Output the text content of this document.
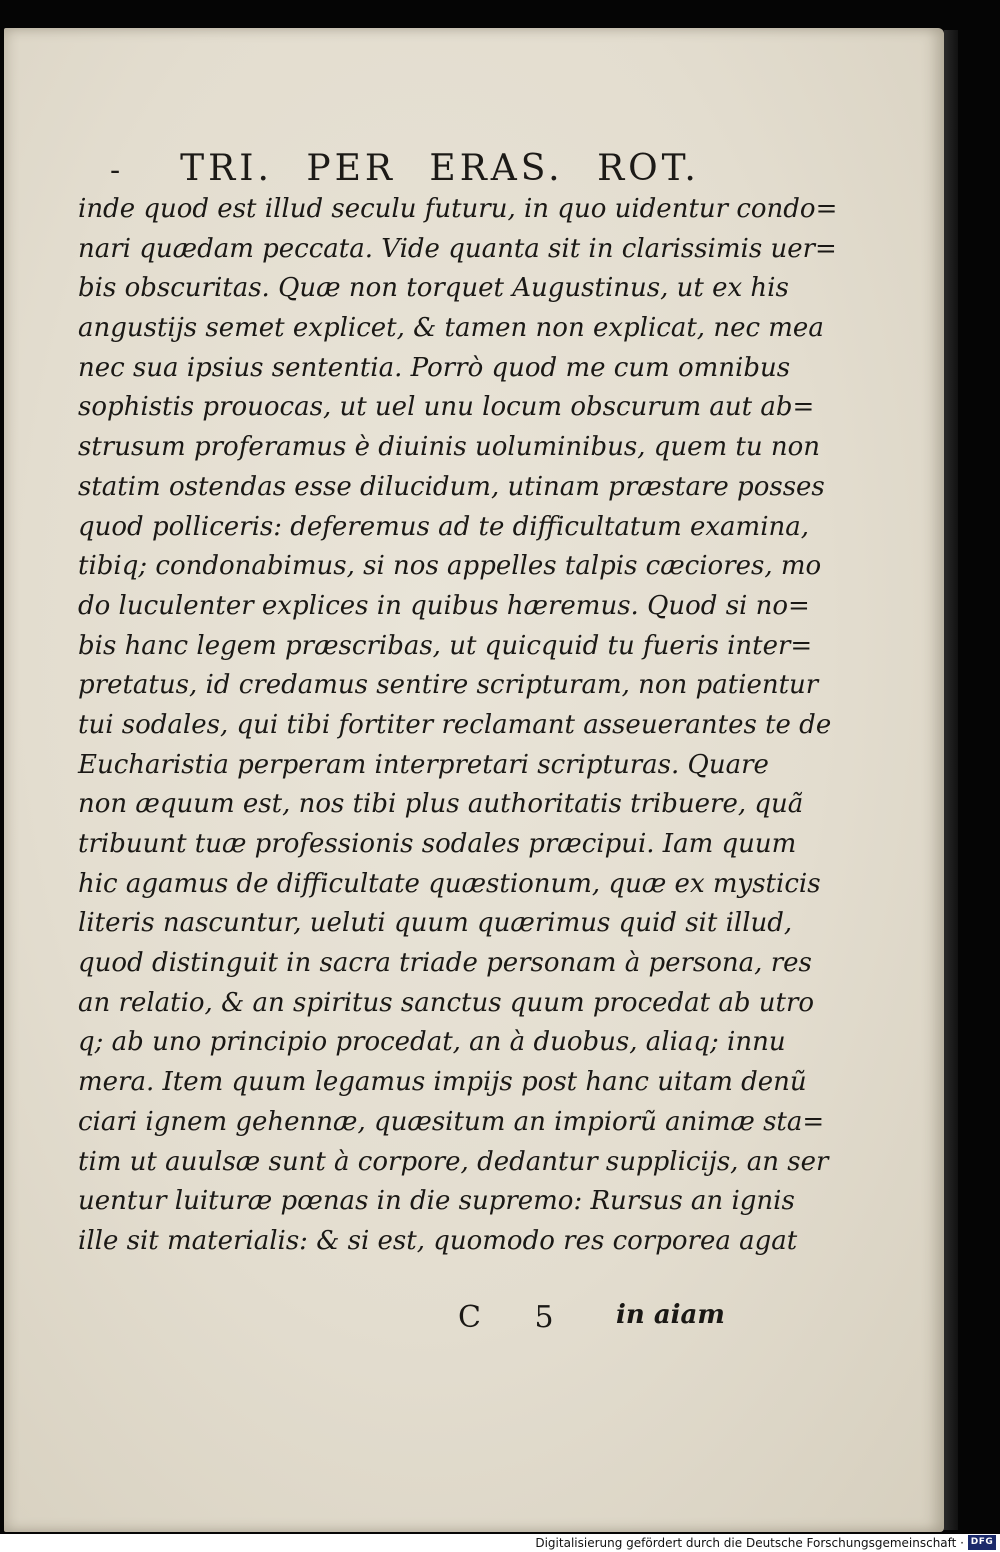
- TRI. PER ERAS. ROT.
inde quod est illud seculu futuru, in quo uidentur condo=
nari quædam peccata. Vide quanta sit in clarissimis uer=
bis obscuritas. Quæ non torquet Augustinus, ut ex his
angustijs semet explicet, & tamen non explicat, nec mea
nec sua ipsius sententia. Porrò quod me cum omnibus
sophistis prouocas, ut uel unu locum obscurum aut ab=
strusum proferamus è diuinis uoluminibus, quem tu non
statim ostendas esse dilucidum, utinam præstare posses
quod polliceris: deferemus ad te difficultatum examina,
tibiq; condonabimus, si nos appelles talpis cæciores, mo
do luculenter explices in quibus hæremus. Quod si no=
bis hanc legem præscribas, ut quicquid tu fueris inter=
pretatus, id credamus sentire scripturam, non patientur
tui sodales, qui tibi fortiter reclamant asseuerantes te de
Eucharistia perperam interpretari scripturas. Quare
non æquum est, nos tibi plus authoritatis tribuere, quã
tribuunt tuæ professionis sodales præcipui. Iam quum
hic agamus de difficultate quæstionum, quæ ex mysticis
literis nascuntur, ueluti quum quærimus quid sit illud,
quod distinguit in sacra triade personam à persona, res
an relatio, & an spiritus sanctus quum procedat ab utro
q; ab uno principio procedat, an à duobus, aliaq; innu
mera. Item quum legamus impijs post hanc uitam denũ
ciari ignem gehennæ, quæsitum an impiorũ animæ sta=
tim ut auulsæ sunt à corpore, dedantur supplicijs, an ser
uentur luituræ pœnas in die supremo: Rursus an ignis
ille sit materialis: & si est, quomodo res corporea agat
C 5 in aiam
Digitalisierung gefördert durch die Deutsche Forschungsgemeinschaft · DFG
